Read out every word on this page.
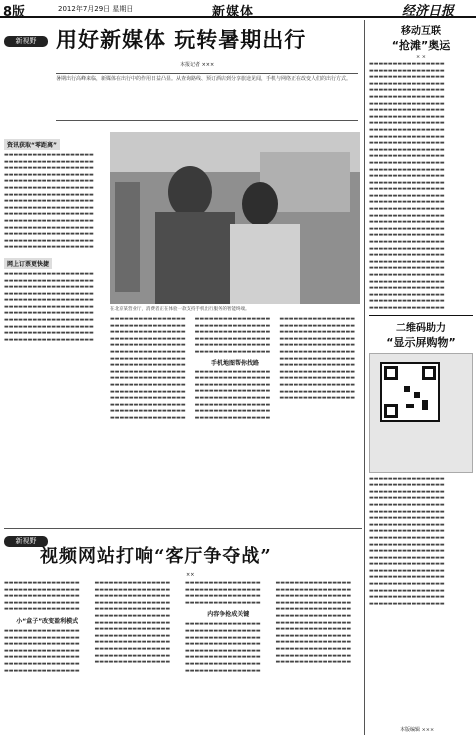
8版	2012年7月29日 星期日	新媒体	经济日报
新视野 用好新媒体 玩转暑期出行
本报记者 ×××

暑期出行高峰来临，新媒体在出行中的作用日益凸显。从查询路线、预订酒店到分享旅途见闻，手机与网络正在改变人们的出行方式。

资讯获取“零距离”
▬▬▬▬▬▬▬▬▬▬▬▬▬▬▬▬▬▬▬ ▬▬▬▬▬▬▬▬▬▬▬▬▬▬▬▬▬▬▬ ▬▬▬▬▬▬▬▬▬▬▬▬▬▬▬▬▬▬▬ ▬▬▬▬▬▬▬▬▬▬▬▬▬▬▬▬▬▬▬ ▬▬▬▬▬▬▬▬▬▬▬▬▬▬▬▬▬▬▬ ▬▬▬▬▬▬▬▬▬▬▬▬▬▬▬▬▬▬▬ ▬▬▬▬▬▬▬▬▬▬▬▬▬▬▬▬▬▬▬ ▬▬▬▬▬▬▬▬▬▬▬▬▬▬▬▬▬▬▬ ▬▬▬▬▬▬▬▬▬▬▬▬▬▬▬▬▬▬▬ ▬▬▬▬▬▬▬▬▬▬▬▬▬▬▬▬▬▬▬ ▬▬▬▬▬▬▬▬▬▬▬▬▬▬▬▬▬▬▬ ▬▬▬▬▬▬▬▬▬▬▬▬▬▬▬▬▬▬▬ ▬▬▬▬▬▬▬▬▬▬▬▬▬▬▬▬▬▬▬ ▬▬▬▬▬▬▬▬▬▬▬▬▬▬▬▬▬▬▬ ▬▬▬▬▬▬▬▬▬▬▬▬▬▬▬▬▬▬▬
网上订票更快捷
▬▬▬▬▬▬▬▬▬▬▬▬▬▬▬▬▬▬▬ ▬▬▬▬▬▬▬▬▬▬▬▬▬▬▬▬▬▬▬ ▬▬▬▬▬▬▬▬▬▬▬▬▬▬▬▬▬▬▬ ▬▬▬▬▬▬▬▬▬▬▬▬▬▬▬▬▬▬▬ ▬▬▬▬▬▬▬▬▬▬▬▬▬▬▬▬▬▬▬ ▬▬▬▬▬▬▬▬▬▬▬▬▬▬▬▬▬▬▬ ▬▬▬▬▬▬▬▬▬▬▬▬▬▬▬▬▬▬▬ ▬▬▬▬▬▬▬▬▬▬▬▬▬▬▬▬▬▬▬ ▬▬▬▬▬▬▬▬▬▬▬▬▬▬▬▬▬▬▬ ▬▬▬▬▬▬▬▬▬▬▬▬▬▬▬▬▬▬▬ ▬▬▬▬▬▬▬▬▬▬▬▬▬▬▬▬▬▬▬
在北京某营业厅，消费者正在体验一款支持手机出行服务的智能终端。
▬▬▬▬▬▬▬▬▬▬▬▬▬▬▬▬ ▬▬▬▬▬▬▬▬▬▬▬▬▬▬▬▬ ▬▬▬▬▬▬▬▬▬▬▬▬▬▬▬▬ ▬▬▬▬▬▬▬▬▬▬▬▬▬▬▬▬ ▬▬▬▬▬▬▬▬▬▬▬▬▬▬▬▬ ▬▬▬▬▬▬▬▬▬▬▬▬▬▬▬▬ ▬▬▬▬▬▬▬▬▬▬▬▬▬▬▬▬ ▬▬▬▬▬▬▬▬▬▬▬▬▬▬▬▬ ▬▬▬▬▬▬▬▬▬▬▬▬▬▬▬▬ ▬▬▬▬▬▬▬▬▬▬▬▬▬▬▬▬ ▬▬▬▬▬▬▬▬▬▬▬▬▬▬▬▬ ▬▬▬▬▬▬▬▬▬▬▬▬▬▬▬▬ ▬▬▬▬▬▬▬▬▬▬▬▬▬▬▬▬ ▬▬▬▬▬▬▬▬▬▬▬▬▬▬▬▬ ▬▬▬▬▬▬▬▬▬▬▬▬▬▬▬▬ ▬▬▬▬▬▬▬▬▬▬▬▬▬▬▬▬
▬▬▬▬▬▬▬▬▬▬▬▬▬▬▬▬ ▬▬▬▬▬▬▬▬▬▬▬▬▬▬▬▬ ▬▬▬▬▬▬▬▬▬▬▬▬▬▬▬▬ ▬▬▬▬▬▬▬▬▬▬▬▬▬▬▬▬ ▬▬▬▬▬▬▬▬▬▬▬▬▬▬▬▬ ▬▬▬▬▬▬▬▬▬▬▬▬▬▬▬▬
手机地图帮你找路
▬▬▬▬▬▬▬▬▬▬▬▬▬▬▬▬ ▬▬▬▬▬▬▬▬▬▬▬▬▬▬▬▬ ▬▬▬▬▬▬▬▬▬▬▬▬▬▬▬▬ ▬▬▬▬▬▬▬▬▬▬▬▬▬▬▬▬ ▬▬▬▬▬▬▬▬▬▬▬▬▬▬▬▬ ▬▬▬▬▬▬▬▬▬▬▬▬▬▬▬▬ ▬▬▬▬▬▬▬▬▬▬▬▬▬▬▬▬ ▬▬▬▬▬▬▬▬▬▬▬▬▬▬▬▬
▬▬▬▬▬▬▬▬▬▬▬▬▬▬▬▬ ▬▬▬▬▬▬▬▬▬▬▬▬▬▬▬▬ ▬▬▬▬▬▬▬▬▬▬▬▬▬▬▬▬ ▬▬▬▬▬▬▬▬▬▬▬▬▬▬▬▬ ▬▬▬▬▬▬▬▬▬▬▬▬▬▬▬▬ ▬▬▬▬▬▬▬▬▬▬▬▬▬▬▬▬ ▬▬▬▬▬▬▬▬▬▬▬▬▬▬▬▬ ▬▬▬▬▬▬▬▬▬▬▬▬▬▬▬▬ ▬▬▬▬▬▬▬▬▬▬▬▬▬▬▬▬ ▬▬▬▬▬▬▬▬▬▬▬▬▬▬▬▬ ▬▬▬▬▬▬▬▬▬▬▬▬▬▬▬▬ ▬▬▬▬▬▬▬▬▬▬▬▬▬▬▬▬ ▬▬▬▬▬▬▬▬▬▬▬▬▬▬▬▬
移动互联
“抢滩”奥运
× ×
▬▬▬▬▬▬▬▬▬▬▬▬▬▬▬▬ ▬▬▬▬▬▬▬▬▬▬▬▬▬▬▬▬ ▬▬▬▬▬▬▬▬▬▬▬▬▬▬▬▬ ▬▬▬▬▬▬▬▬▬▬▬▬▬▬▬▬ ▬▬▬▬▬▬▬▬▬▬▬▬▬▬▬▬ ▬▬▬▬▬▬▬▬▬▬▬▬▬▬▬▬ ▬▬▬▬▬▬▬▬▬▬▬▬▬▬▬▬ ▬▬▬▬▬▬▬▬▬▬▬▬▬▬▬▬ ▬▬▬▬▬▬▬▬▬▬▬▬▬▬▬▬ ▬▬▬▬▬▬▬▬▬▬▬▬▬▬▬▬ ▬▬▬▬▬▬▬▬▬▬▬▬▬▬▬▬ ▬▬▬▬▬▬▬▬▬▬▬▬▬▬▬▬ ▬▬▬▬▬▬▬▬▬▬▬▬▬▬▬▬ ▬▬▬▬▬▬▬▬▬▬▬▬▬▬▬▬ ▬▬▬▬▬▬▬▬▬▬▬▬▬▬▬▬ ▬▬▬▬▬▬▬▬▬▬▬▬▬▬▬▬ ▬▬▬▬▬▬▬▬▬▬▬▬▬▬▬▬ ▬▬▬▬▬▬▬▬▬▬▬▬▬▬▬▬ ▬▬▬▬▬▬▬▬▬▬▬▬▬▬▬▬ ▬▬▬▬▬▬▬▬▬▬▬▬▬▬▬▬ ▬▬▬▬▬▬▬▬▬▬▬▬▬▬▬▬ ▬▬▬▬▬▬▬▬▬▬▬▬▬▬▬▬ ▬▬▬▬▬▬▬▬▬▬▬▬▬▬▬▬ ▬▬▬▬▬▬▬▬▬▬▬▬▬▬▬▬ ▬▬▬▬▬▬▬▬▬▬▬▬▬▬▬▬ ▬▬▬▬▬▬▬▬▬▬▬▬▬▬▬▬ ▬▬▬▬▬▬▬▬▬▬▬▬▬▬▬▬ ▬▬▬▬▬▬▬▬▬▬▬▬▬▬▬▬ ▬▬▬▬▬▬▬▬▬▬▬▬▬▬▬▬ ▬▬▬▬▬▬▬▬▬▬▬▬▬▬▬▬ ▬▬▬▬▬▬▬▬▬▬▬▬▬▬▬▬ ▬▬▬▬▬▬▬▬▬▬▬▬▬▬▬▬ ▬▬▬▬▬▬▬▬▬▬▬▬▬▬▬▬ ▬▬▬▬▬▬▬▬▬▬▬▬▬▬▬▬ ▬▬▬▬▬▬▬▬▬▬▬▬▬▬▬▬ ▬▬▬▬▬▬▬▬▬▬▬▬▬▬▬▬ ▬▬▬▬▬▬▬▬▬▬▬▬▬▬▬▬ ▬▬▬▬▬▬▬▬▬▬▬▬▬▬▬▬
二维码助力
“显示屏购物”
▬▬▬▬▬▬▬▬▬▬▬▬▬▬▬▬ ▬▬▬▬▬▬▬▬▬▬▬▬▬▬▬▬ ▬▬▬▬▬▬▬▬▬▬▬▬▬▬▬▬ ▬▬▬▬▬▬▬▬▬▬▬▬▬▬▬▬ ▬▬▬▬▬▬▬▬▬▬▬▬▬▬▬▬ ▬▬▬▬▬▬▬▬▬▬▬▬▬▬▬▬ ▬▬▬▬▬▬▬▬▬▬▬▬▬▬▬▬ ▬▬▬▬▬▬▬▬▬▬▬▬▬▬▬▬ ▬▬▬▬▬▬▬▬▬▬▬▬▬▬▬▬ ▬▬▬▬▬▬▬▬▬▬▬▬▬▬▬▬ ▬▬▬▬▬▬▬▬▬▬▬▬▬▬▬▬ ▬▬▬▬▬▬▬▬▬▬▬▬▬▬▬▬ ▬▬▬▬▬▬▬▬▬▬▬▬▬▬▬▬ ▬▬▬▬▬▬▬▬▬▬▬▬▬▬▬▬ ▬▬▬▬▬▬▬▬▬▬▬▬▬▬▬▬ ▬▬▬▬▬▬▬▬▬▬▬▬▬▬▬▬ ▬▬▬▬▬▬▬▬▬▬▬▬▬▬▬▬ ▬▬▬▬▬▬▬▬▬▬▬▬▬▬▬▬ ▬▬▬▬▬▬▬▬▬▬▬▬▬▬▬▬ ▬▬▬▬▬▬▬▬▬▬▬▬▬▬▬▬
新视野
视频网站打响“客厅争夺战”
××
▬▬▬▬▬▬▬▬▬▬▬▬▬▬▬▬ ▬▬▬▬▬▬▬▬▬▬▬▬▬▬▬▬ ▬▬▬▬▬▬▬▬▬▬▬▬▬▬▬▬ ▬▬▬▬▬▬▬▬▬▬▬▬▬▬▬▬ ▬▬▬▬▬▬▬▬▬▬▬▬▬▬▬▬
小“盒子”改变盈利模式
▬▬▬▬▬▬▬▬▬▬▬▬▬▬▬▬ ▬▬▬▬▬▬▬▬▬▬▬▬▬▬▬▬ ▬▬▬▬▬▬▬▬▬▬▬▬▬▬▬▬ ▬▬▬▬▬▬▬▬▬▬▬▬▬▬▬▬ ▬▬▬▬▬▬▬▬▬▬▬▬▬▬▬▬ ▬▬▬▬▬▬▬▬▬▬▬▬▬▬▬▬ ▬▬▬▬▬▬▬▬▬▬▬▬▬▬▬▬
▬▬▬▬▬▬▬▬▬▬▬▬▬▬▬▬ ▬▬▬▬▬▬▬▬▬▬▬▬▬▬▬▬ ▬▬▬▬▬▬▬▬▬▬▬▬▬▬▬▬ ▬▬▬▬▬▬▬▬▬▬▬▬▬▬▬▬ ▬▬▬▬▬▬▬▬▬▬▬▬▬▬▬▬ ▬▬▬▬▬▬▬▬▬▬▬▬▬▬▬▬ ▬▬▬▬▬▬▬▬▬▬▬▬▬▬▬▬ ▬▬▬▬▬▬▬▬▬▬▬▬▬▬▬▬ ▬▬▬▬▬▬▬▬▬▬▬▬▬▬▬▬ ▬▬▬▬▬▬▬▬▬▬▬▬▬▬▬▬ ▬▬▬▬▬▬▬▬▬▬▬▬▬▬▬▬ ▬▬▬▬▬▬▬▬▬▬▬▬▬▬▬▬ ▬▬▬▬▬▬▬▬▬▬▬▬▬▬▬▬
▬▬▬▬▬▬▬▬▬▬▬▬▬▬▬▬ ▬▬▬▬▬▬▬▬▬▬▬▬▬▬▬▬ ▬▬▬▬▬▬▬▬▬▬▬▬▬▬▬▬ ▬▬▬▬▬▬▬▬▬▬▬▬▬▬▬▬
内容争抢成关键
▬▬▬▬▬▬▬▬▬▬▬▬▬▬▬▬ ▬▬▬▬▬▬▬▬▬▬▬▬▬▬▬▬ ▬▬▬▬▬▬▬▬▬▬▬▬▬▬▬▬ ▬▬▬▬▬▬▬▬▬▬▬▬▬▬▬▬ ▬▬▬▬▬▬▬▬▬▬▬▬▬▬▬▬ ▬▬▬▬▬▬▬▬▬▬▬▬▬▬▬▬ ▬▬▬▬▬▬▬▬▬▬▬▬▬▬▬▬ ▬▬▬▬▬▬▬▬▬▬▬▬▬▬▬▬
▬▬▬▬▬▬▬▬▬▬▬▬▬▬▬▬ ▬▬▬▬▬▬▬▬▬▬▬▬▬▬▬▬ ▬▬▬▬▬▬▬▬▬▬▬▬▬▬▬▬ ▬▬▬▬▬▬▬▬▬▬▬▬▬▬▬▬ ▬▬▬▬▬▬▬▬▬▬▬▬▬▬▬▬ ▬▬▬▬▬▬▬▬▬▬▬▬▬▬▬▬ ▬▬▬▬▬▬▬▬▬▬▬▬▬▬▬▬ ▬▬▬▬▬▬▬▬▬▬▬▬▬▬▬▬ ▬▬▬▬▬▬▬▬▬▬▬▬▬▬▬▬ ▬▬▬▬▬▬▬▬▬▬▬▬▬▬▬▬ ▬▬▬▬▬▬▬▬▬▬▬▬▬▬▬▬ ▬▬▬▬▬▬▬▬▬▬▬▬▬▬▬▬ ▬▬▬▬▬▬▬▬▬▬▬▬▬▬▬▬
本版编辑 ×××
